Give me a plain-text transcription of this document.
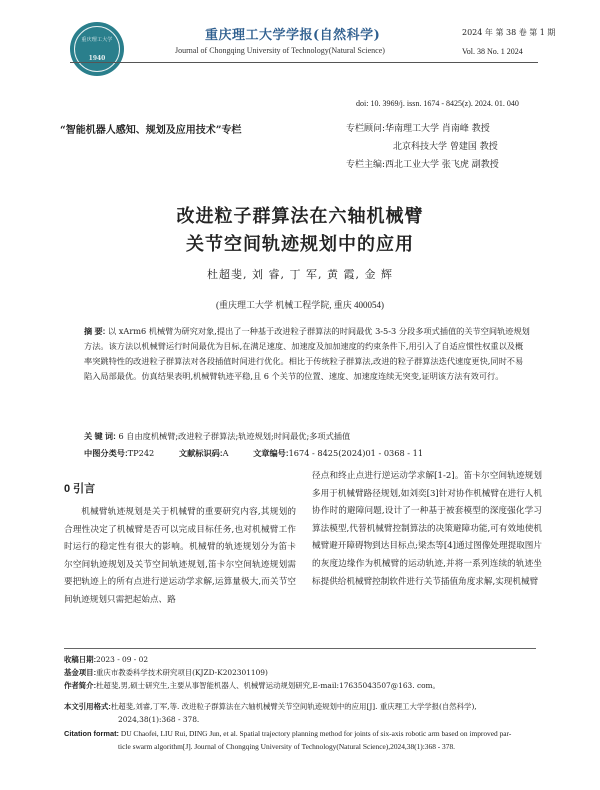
重庆理工大学
1940
重庆理工大学学报(自然科学)
Journal of Chongqing University of Technology(Natural Science)
2024 年 第 38 卷 第 1 期
Vol. 38 No. 1 2024
doi: 10. 3969/j. issn. 1674 - 8425(z). 2024. 01. 040
“智能机器人感知、规划及应用技术”专栏	专栏顾问:华南理工大学 肖南峰 教授
北京科技大学 曾建国 教授
专栏主编:西北工业大学 张飞虎 副教授
改进粒子群算法在六轴机械臂
关节空间轨迹规划中的应用
杜超斐, 刘 睿, 丁 军, 黄 霞, 金 辉
(重庆理工大学 机械工程学院, 重庆 400054)
摘 要: 以 xArm6 机械臂为研究对象,提出了一种基于改进粒子群算法的时间最优 3-5-3 分段多项式插值的关节空间轨迹规划方法。该方法以机械臂运行时间最优为目标,在满足速度、加速度及加加速度的约束条件下,用引入了自适应惯性权重以及概率突跳特性的改进粒子群算法对各段插值时间进行优化。相比于传统粒子群算法,改进的粒子群算法迭代速度更快,同时不易陷入局部最优。仿真结果表明,机械臂轨迹平稳,且 6 个关节的位置、速度、加速度连续无突变,证明该方法有效可行。
关 键 词: 6 自由度机械臂;改进粒子群算法;轨迹规划;时间最优;多项式插值
中图分类号:TP242	文献标识码:A	文章编号:1674 - 8425(2024)01 - 0368 - 11
0 引言
机械臂轨迹规划是关于机械臂的重要研究内容,其规划的合理性决定了机械臂是否可以完成目标任务,也对机械臂工作时运行的稳定性有很大的影响。机械臂的轨迹规划分为笛卡尔空间轨迹规划及关节空间轨迹规划,笛卡尔空间轨迹规划需要把轨迹上的所有点进行逆运动学求解,运算量极大,而关节空间轨迹规划只需把起始点、路
径点和终止点进行逆运动学求解[1-2]。笛卡尔空间轨迹规划多用于机械臂路径规划,如刘奕[3]针对协作机械臂在进行人机协作时的避障问题,设计了一种基于被套模型的深度强化学习算法模型,代替机械臂控制算法的决策避障功能,可有效地使机械臂避开障碍物到达目标点;梁杰等[4]通过图像处理提取图片的灰度边缘作为机械臂的运动轨迹,并将一系列连续的轨迹坐标提供给机械臂控制软件进行关节插值角度求解,实现机械臂
收稿日期:2023 - 09 - 02
基金项目:重庆市教委科学技术研究项目(KJZD-K202301109)
作者简介:杜超斐,男,硕士研究生,主要从事智能机器人、机械臂运动规划研究,E-mail:17635043507@163. com。
本文引用格式:杜超斐,刘睿,丁军,等. 改进粒子群算法在六轴机械臂关节空间轨迹规划中的应用[J]. 重庆理工大学学报(自然科学),
2024,38(1):368 - 378.
Citation format: DU Chaofei, LIU Rui, DING Jun, et al. Spatial trajectory planning method for joints of six-axis robotic arm based on improved par-
ticle swarm algorithm[J]. Journal of Chongqing University of Technology(Natural Science),2024,38(1):368 - 378.
